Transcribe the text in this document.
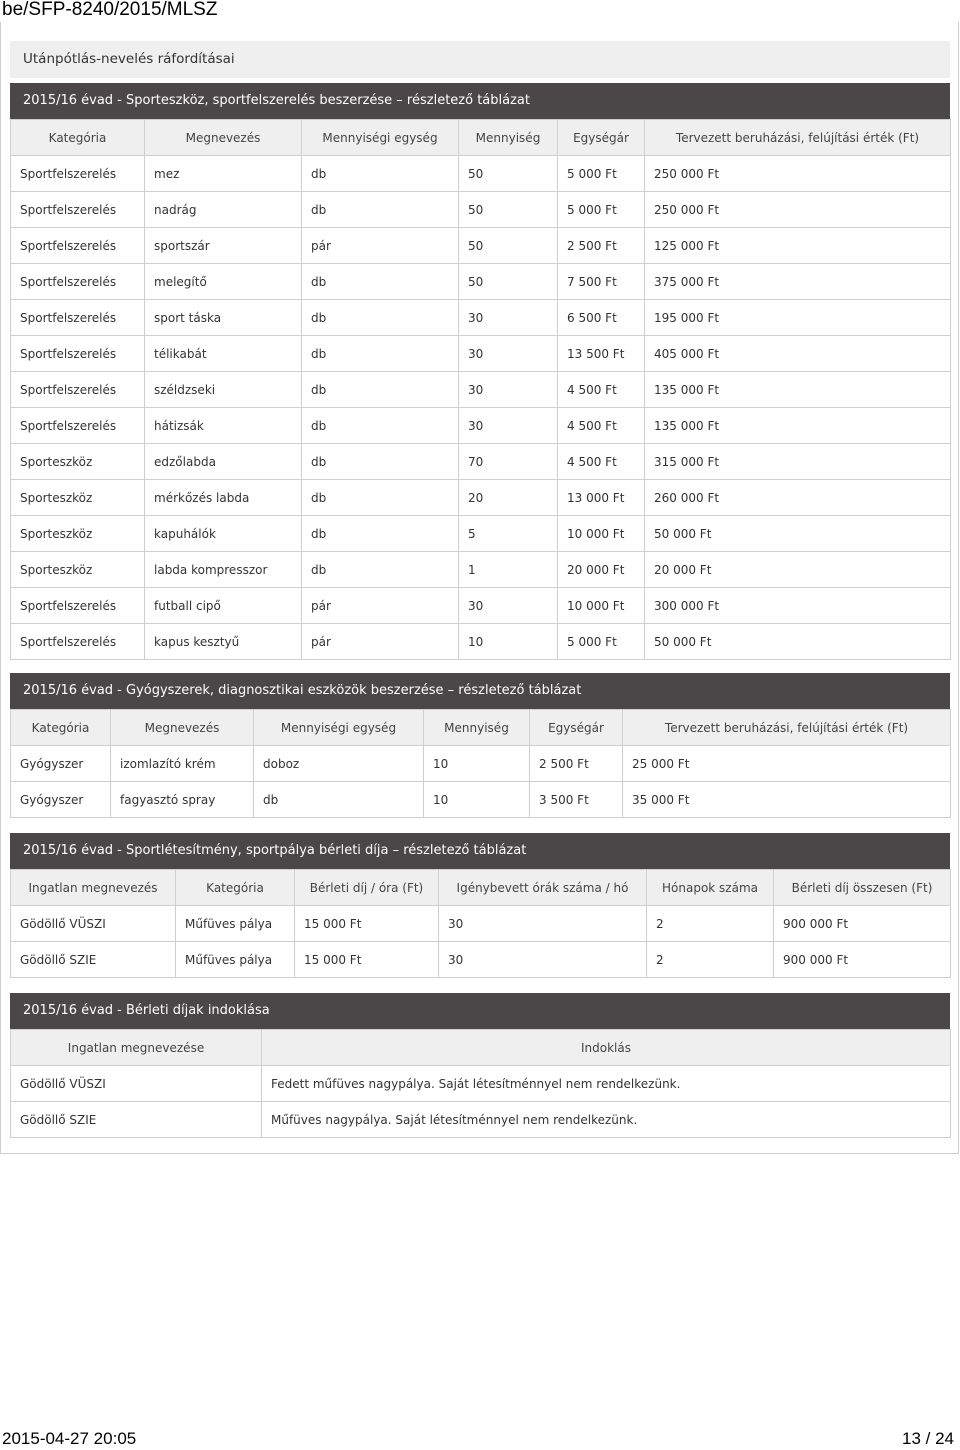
be/SFP-8240/2015/MLSZ
Utánpótlás-nevelés ráfordításai
2015/16 évad - Sporteszköz, sportfelszerelés beszerzése – részletező táblázat
Kategória	Megnevezés	Mennyiségi egység	Mennyiség	Egységár	Tervezett beruházási, felújítási érték (Ft)
Sportfelszerelés	mez	db	50	5 000 Ft	250 000 Ft
Sportfelszerelés	nadrág	db	50	5 000 Ft	250 000 Ft
Sportfelszerelés	sportszár	pár	50	2 500 Ft	125 000 Ft
Sportfelszerelés	melegítő	db	50	7 500 Ft	375 000 Ft
Sportfelszerelés	sport táska	db	30	6 500 Ft	195 000 Ft
Sportfelszerelés	télikabát	db	30	13 500 Ft	405 000 Ft
Sportfelszerelés	széldzseki	db	30	4 500 Ft	135 000 Ft
Sportfelszerelés	hátizsák	db	30	4 500 Ft	135 000 Ft
Sporteszköz	edzőlabda	db	70	4 500 Ft	315 000 Ft
Sporteszköz	mérkőzés labda	db	20	13 000 Ft	260 000 Ft
Sporteszköz	kapuhálók	db	5	10 000 Ft	50 000 Ft
Sporteszköz	labda kompresszor	db	1	20 000 Ft	20 000 Ft
Sportfelszerelés	futball cipő	pár	30	10 000 Ft	300 000 Ft
Sportfelszerelés	kapus kesztyű	pár	10	5 000 Ft	50 000 Ft
2015/16 évad - Gyógyszerek, diagnosztikai eszközök beszerzése – részletező táblázat
Kategória	Megnevezés	Mennyiségi egység	Mennyiség	Egységár	Tervezett beruházási, felújítási érték (Ft)
Gyógyszer	izomlazító krém	doboz	10	2 500 Ft	25 000 Ft
Gyógyszer	fagyasztó spray	db	10	3 500 Ft	35 000 Ft
2015/16 évad - Sportlétesítmény, sportpálya bérleti díja – részletező táblázat
Ingatlan megnevezés	Kategória	Bérleti díj / óra (Ft)	Igénybevett órák száma / hó	Hónapok száma	Bérleti díj összesen (Ft)
Gödöllő VÜSZI	Műfüves pálya	15 000 Ft	30	2	900 000 Ft
Gödöllő SZIE	Műfüves pálya	15 000 Ft	30	2	900 000 Ft
2015/16 évad - Bérleti díjak indoklása
Ingatlan megnevezése	Indoklás
Gödöllő VÜSZI	Fedett műfüves nagypálya. Saját létesítménnyel nem rendelkezünk.
Gödöllő SZIE	Műfüves nagypálya. Saját létesítménnyel nem rendelkezünk.
2015-04-27 20:05	13 / 24
